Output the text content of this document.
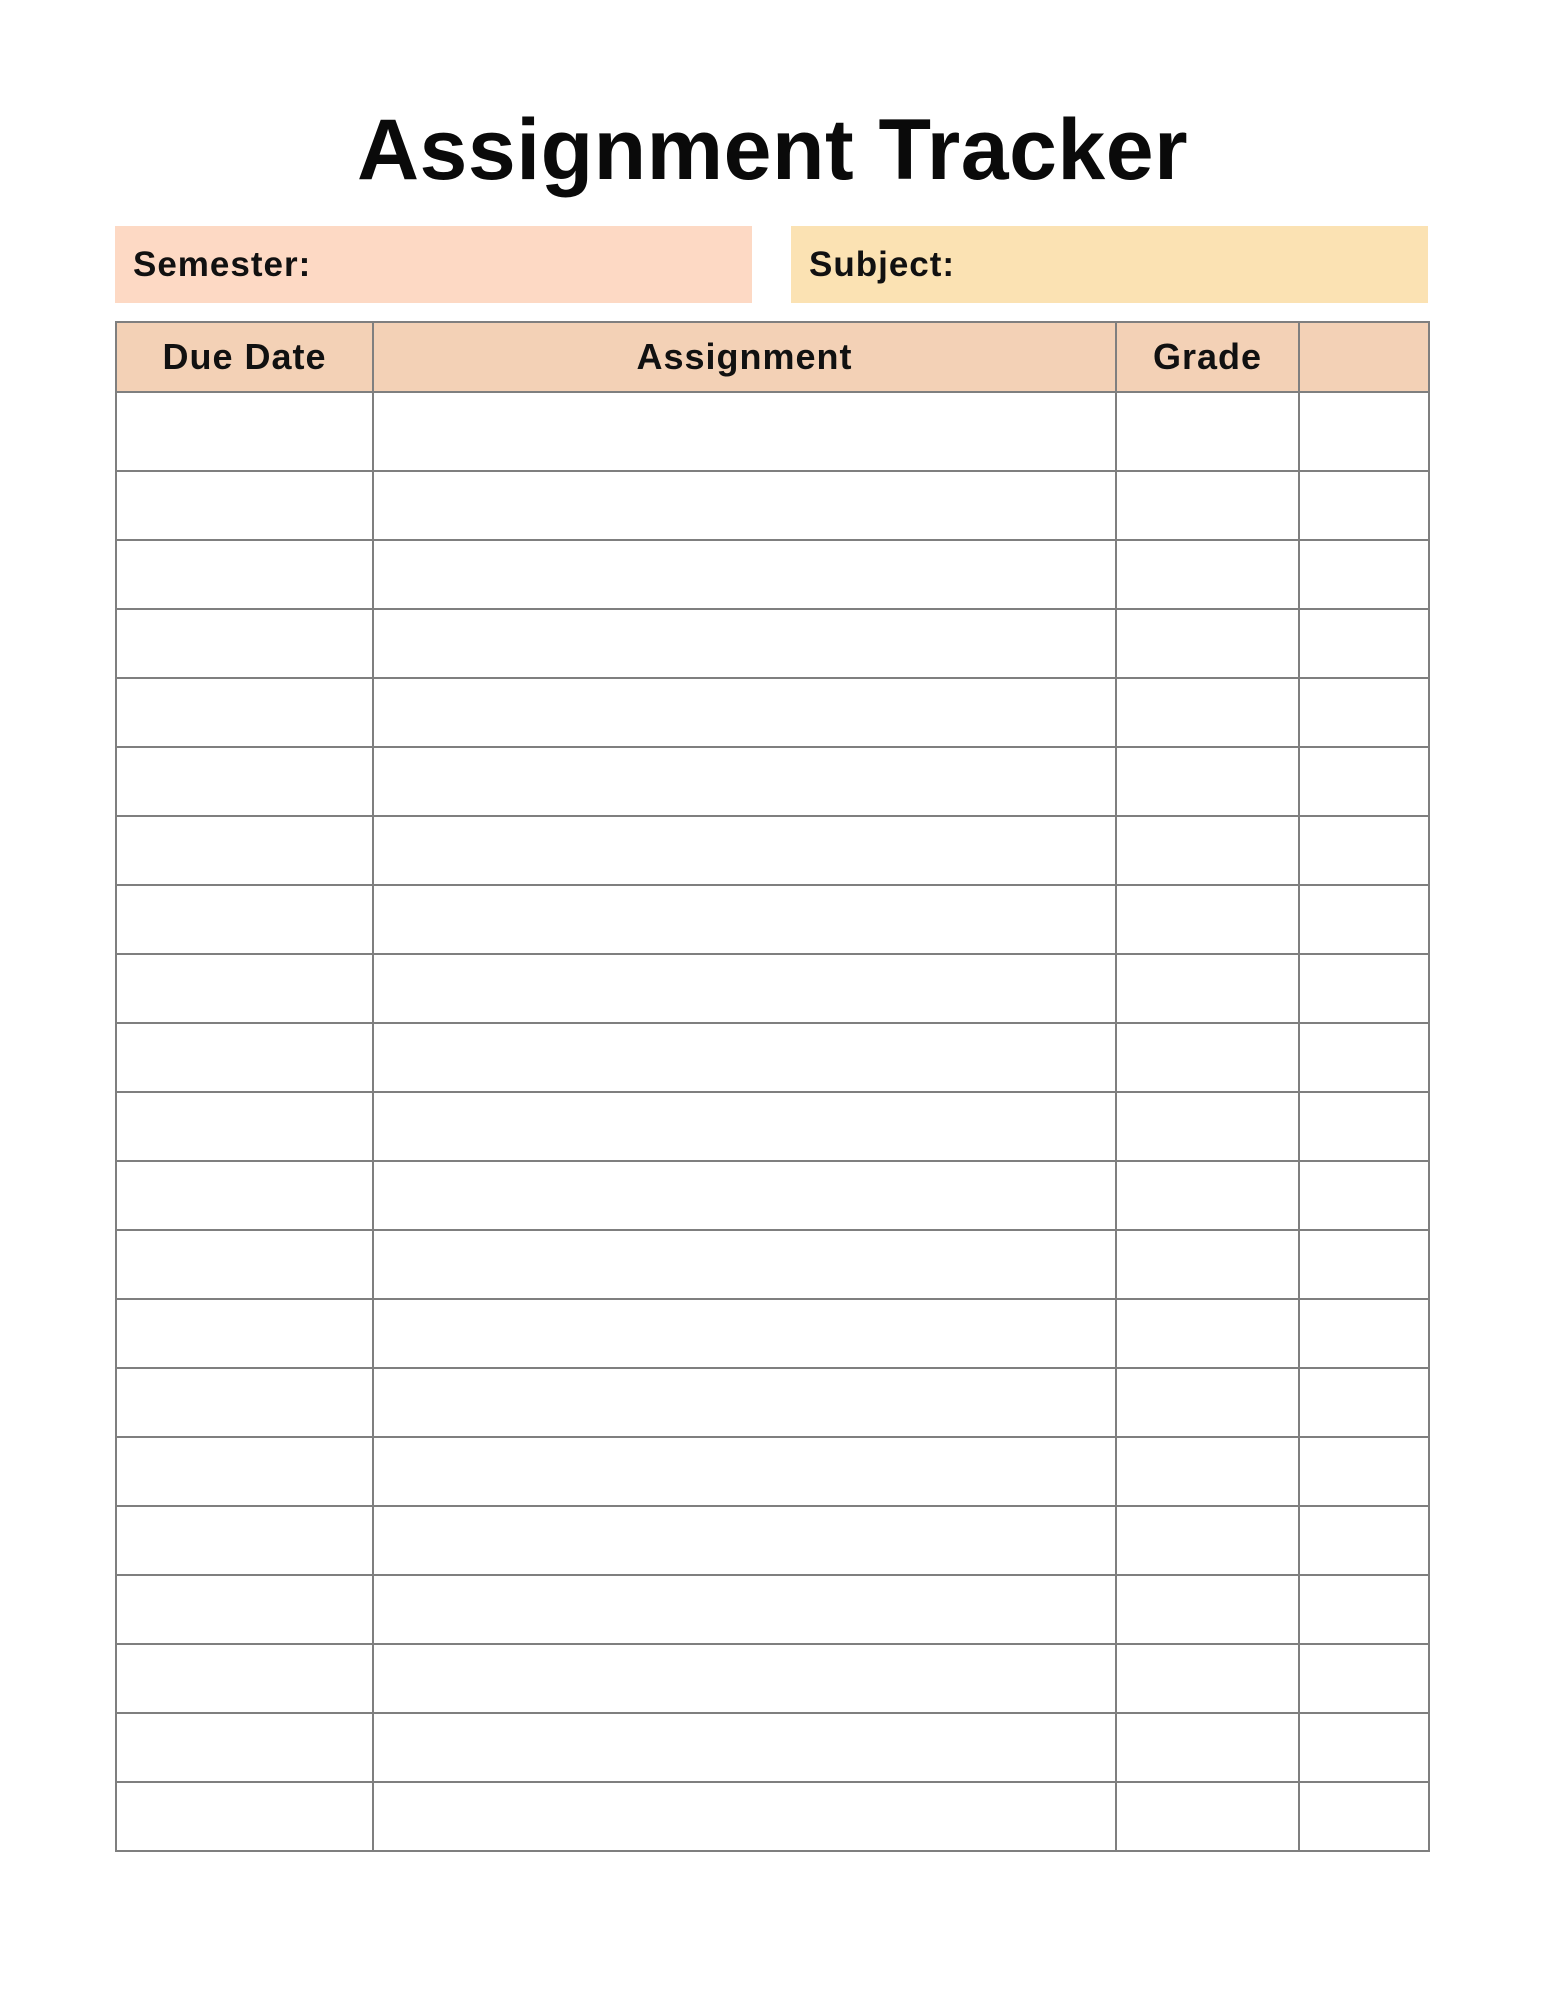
Assignment Tracker
Semester:	Subject:
Due Date	Assignment	Grade	
